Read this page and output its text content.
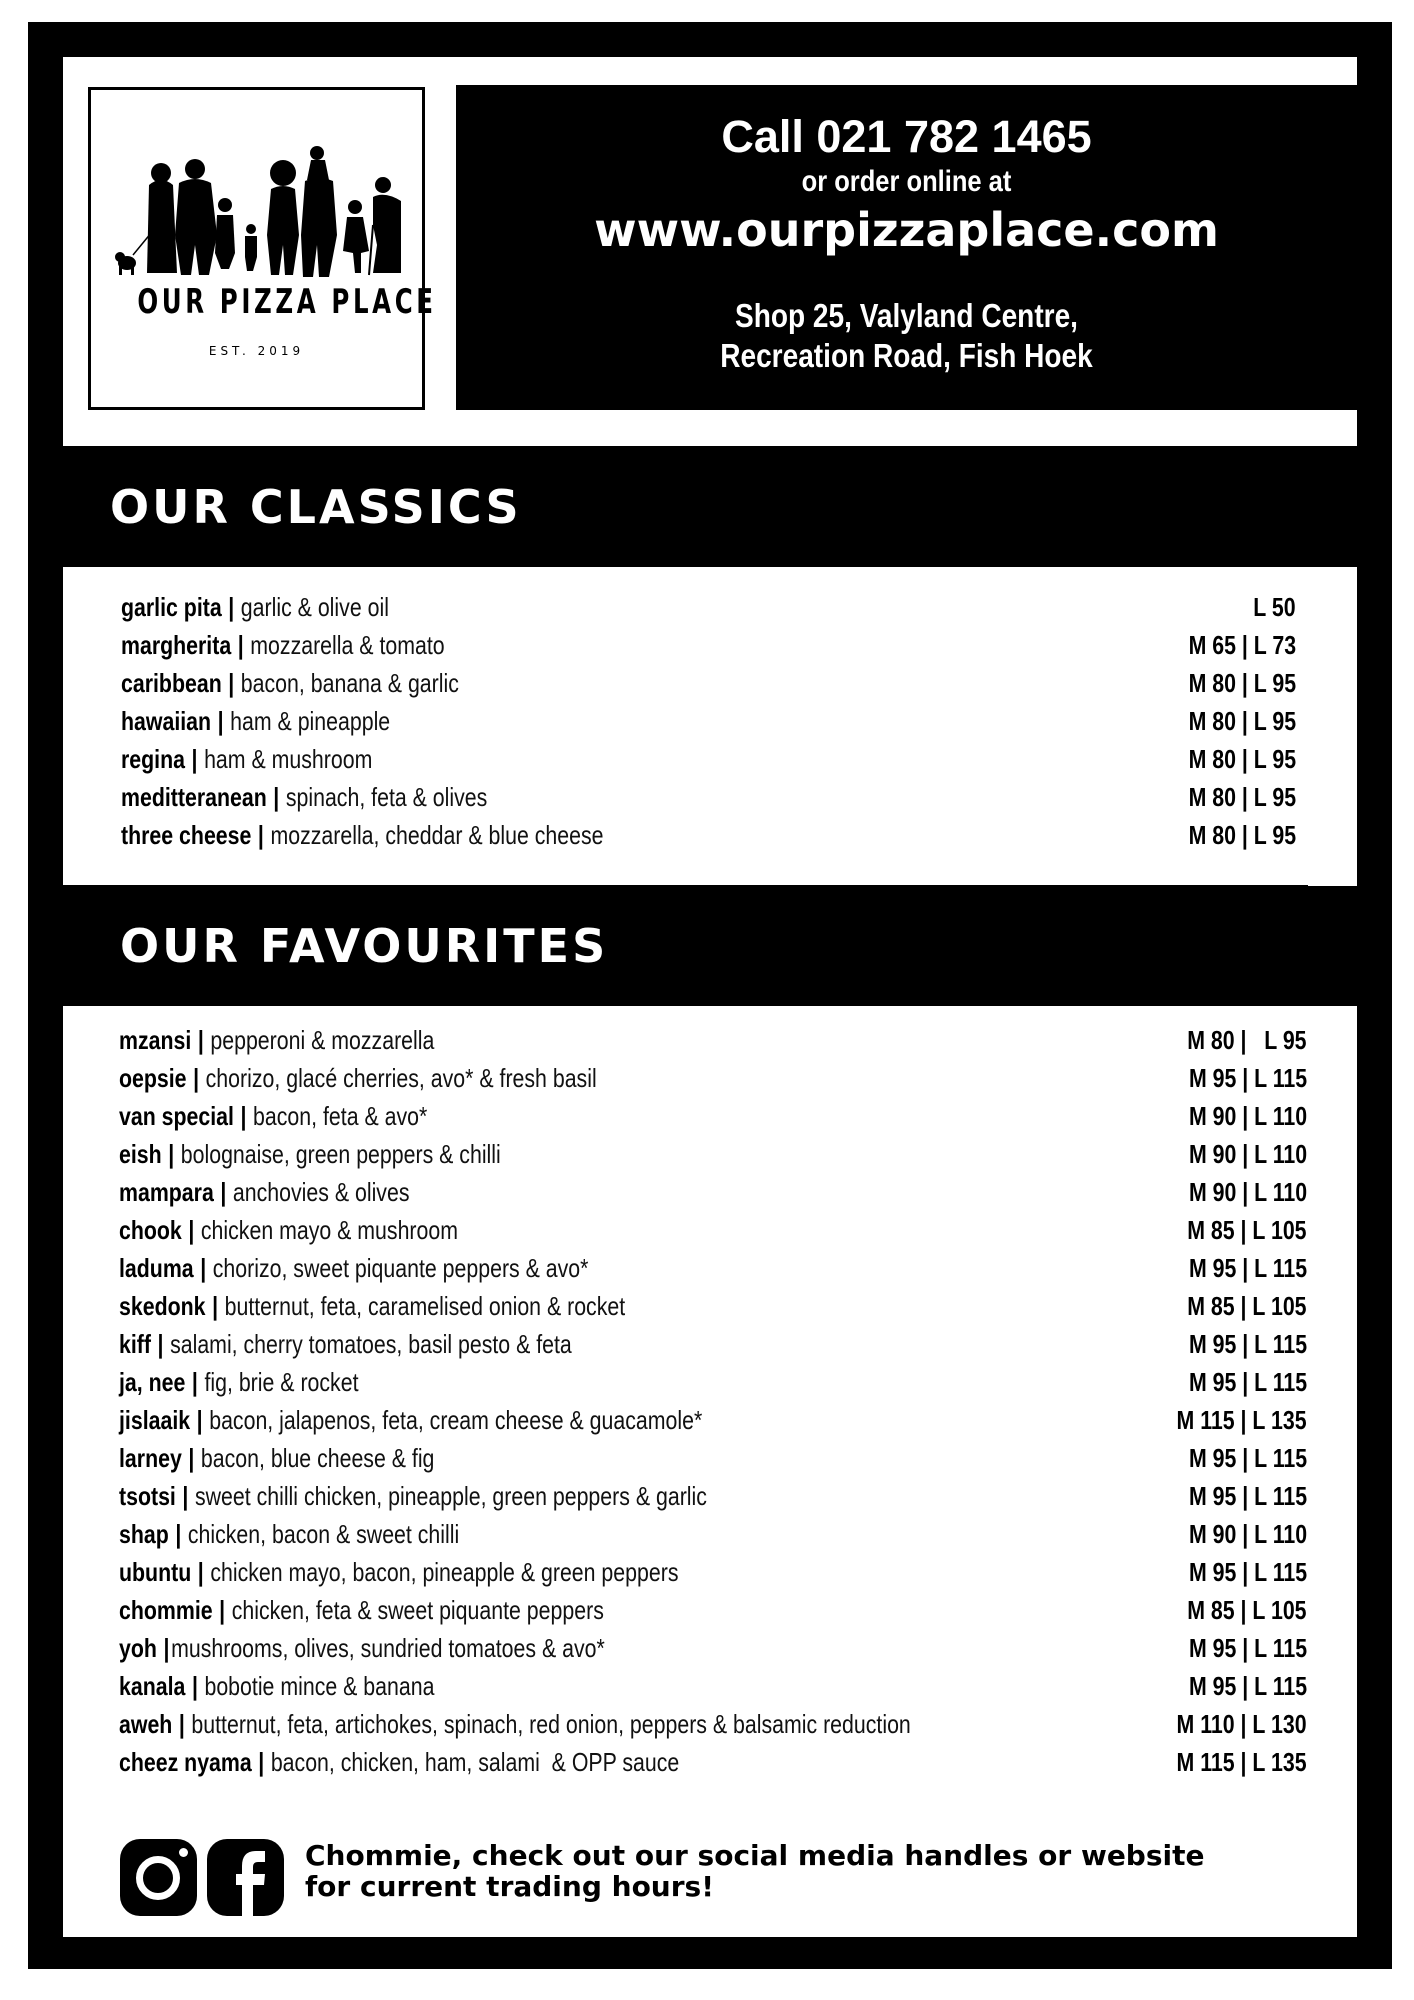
OUR PIZZA PLACE
EST. 2019
Call 021 782 1465
or order online at
www.ourpizzaplace.com
Shop 25, Valyland Centre,
Recreation Road, Fish Hoek
OUR CLASSICS
garlic pita | garlic & olive oil	L 50
margherita | mozzarella & tomato	M 65 | L 73
caribbean | bacon, banana & garlic	M 80 | L 95
hawaiian | ham & pineapple	M 80 | L 95
regina | ham & mushroom	M 80 | L 95
meditteranean | spinach, feta & olives	M 80 | L 95
three cheese | mozzarella, cheddar & blue cheese	M 80 | L 95
OUR FAVOURITES
mzansi | pepperoni & mozzarella	M 80 |   L 95
oepsie | chorizo, glacé cherries, avo* & fresh basil	M 95 | L 115
van special | bacon, feta & avo*	M 90 | L 110
eish | bolognaise, green peppers & chilli	M 90 | L 110
mampara | anchovies & olives	M 90 | L 110
chook | chicken mayo & mushroom	M 85 | L 105
laduma | chorizo, sweet piquante peppers & avo*	M 95 | L 115
skedonk | butternut, feta, caramelised onion & rocket	M 85 | L 105
kiff | salami, cherry tomatoes, basil pesto & feta	M 95 | L 115
ja, nee | fig, brie & rocket	M 95 | L 115
jislaaik | bacon, jalapenos, feta, cream cheese & guacamole*	M 115 | L 135
larney | bacon, blue cheese & fig	M 95 | L 115
tsotsi | sweet chilli chicken, pineapple, green peppers & garlic	M 95 | L 115
shap | chicken, bacon & sweet chilli	M 90 | L 110
ubuntu | chicken mayo, bacon, pineapple & green peppers	M 95 | L 115
chommie | chicken, feta & sweet piquante peppers	M 85 | L 105
yoh | mushrooms, olives, sundried tomatoes & avo*	M 95 | L 115
kanala | bobotie mince & banana	M 95 | L 115
aweh | butternut, feta, artichokes, spinach, red onion, peppers & balsamic reduction	M 110 | L 130
cheez nyama | bacon, chicken, ham, salami  & OPP sauce	M 115 | L 135
Chommie, check out our social media handles or website
for current trading hours!
